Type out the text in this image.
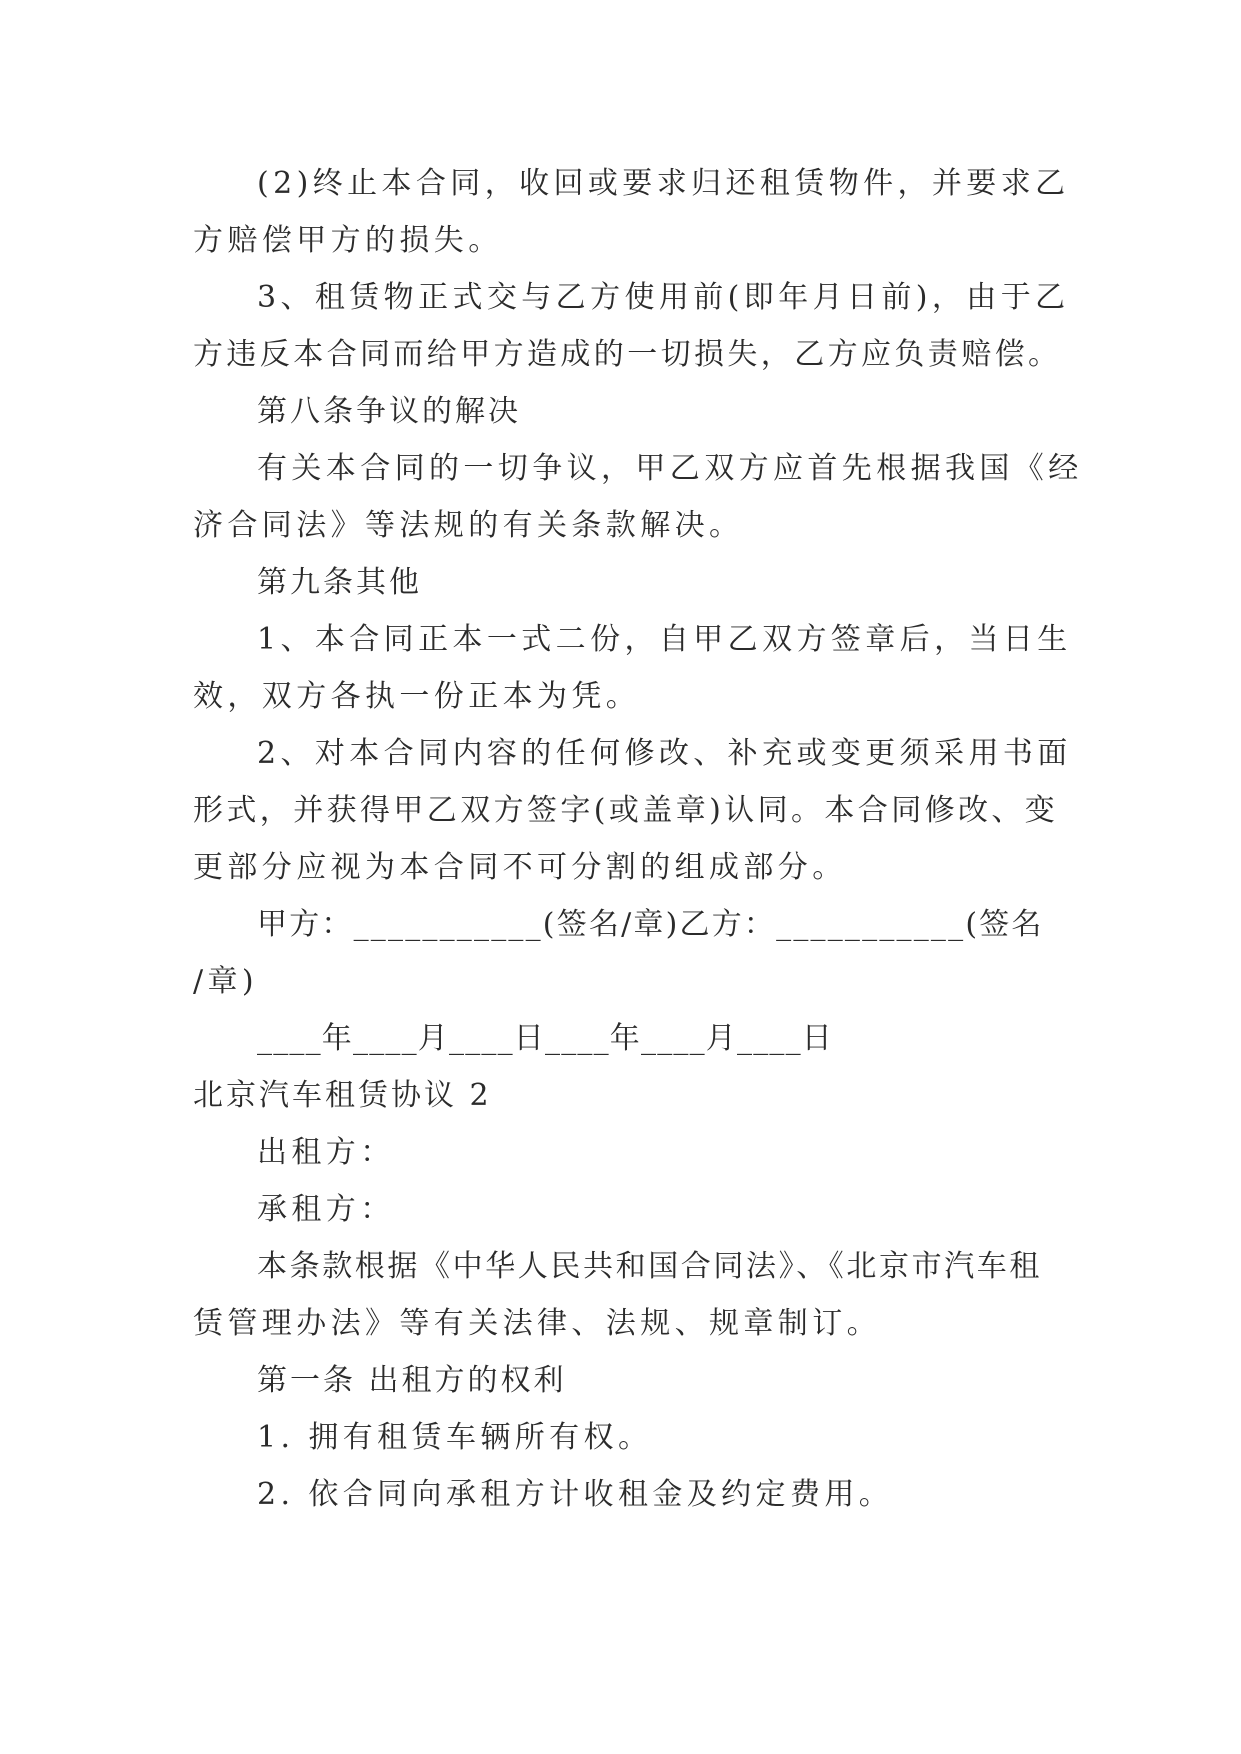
(2)终止本合同，收回或要求归还租赁物件，并要求乙
方赔偿甲方的损失。
3、租赁物正式交与乙方使用前(即年月日前)，由于乙
方违反本合同而给甲方造成的一切损失，乙方应负责赔偿。
第八条争议的解决
有关本合同的一切争议，甲乙双方应首先根据我国《经
济合同法》等法规的有关条款解决。
第九条其他
1、本合同正本一式二份，自甲乙双方签章后，当日生
效，双方各执一份正本为凭。
2、对本合同内容的任何修改、补充或变更须采用书面
形式，并获得甲乙双方签字(或盖章)认同。本合同修改、变
更部分应视为本合同不可分割的组成部分。
甲方：___________(签名/章)乙方：___________(签名
/章)
____年____月____日____年____月____日
北京汽车租赁协议 2
出租方：
承租方：
本条款根据《中华人民共和国合同法》、《北京市汽车租
赁管理办法》等有关法律、法规、规章制订。
第一条 出租方的权利
1. 拥有租赁车辆所有权。
2. 依合同向承租方计收租金及约定费用。
